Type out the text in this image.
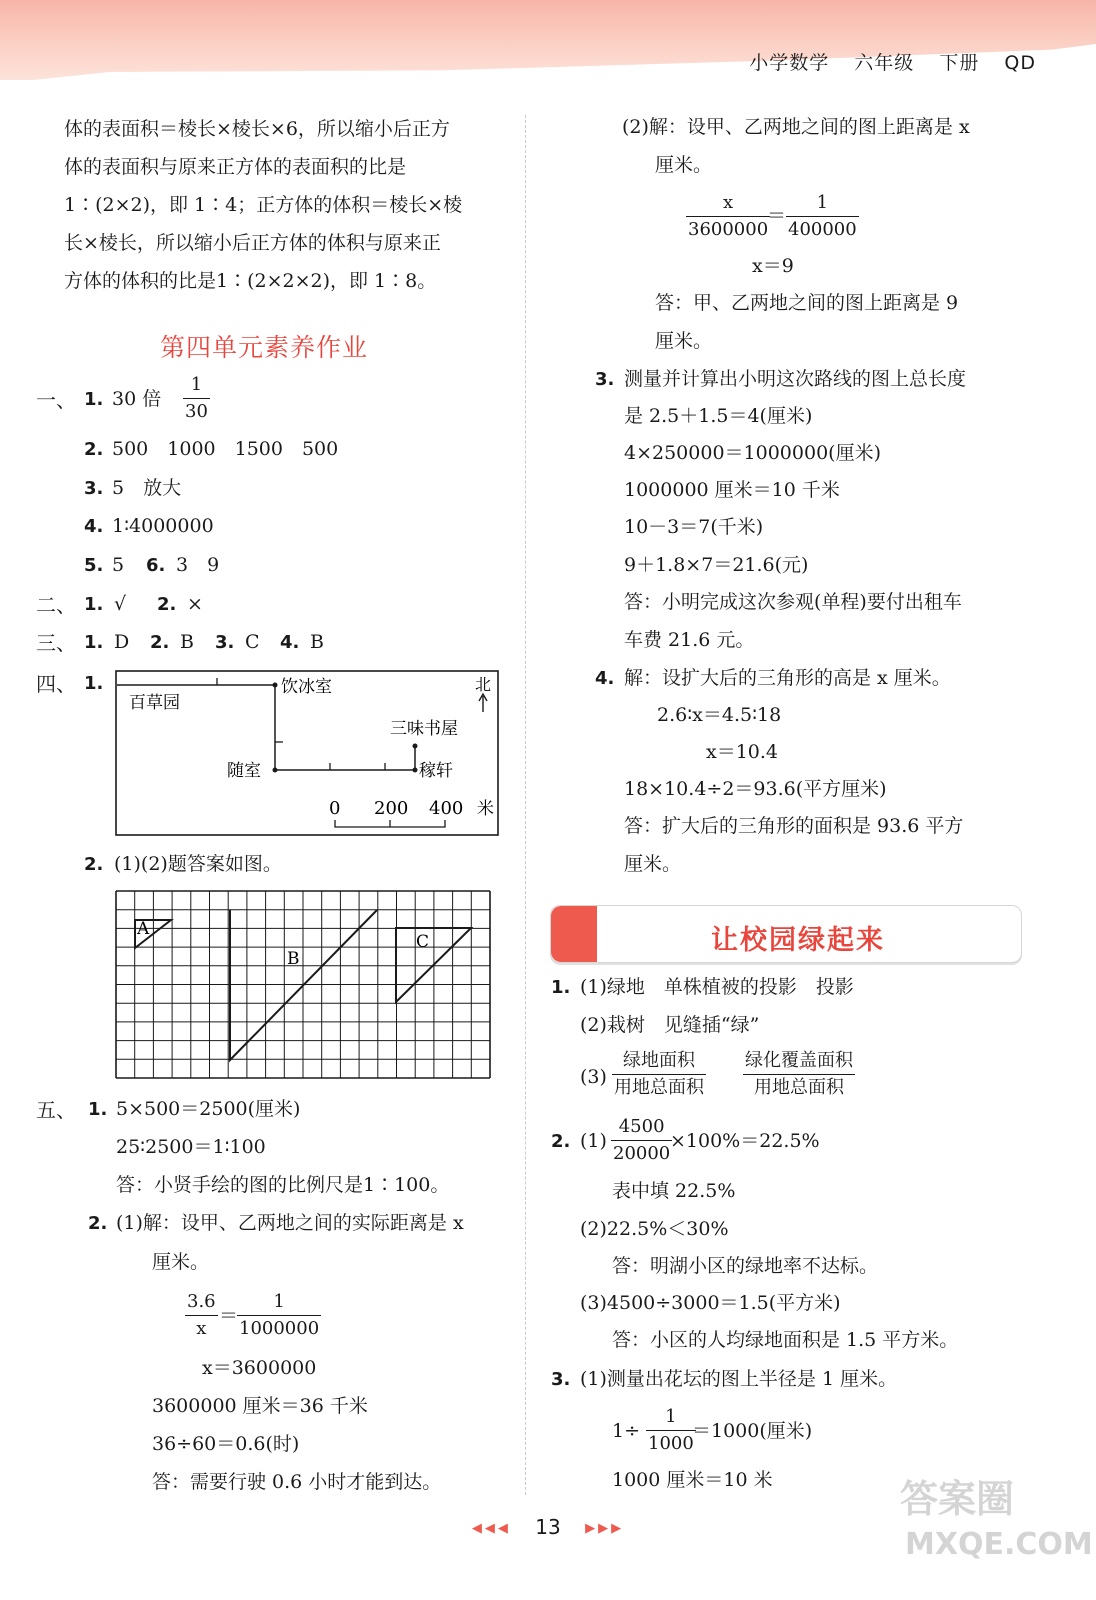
小学数学 六年级 下册 QD
体的表面积＝棱长×棱长×6，所以缩小后正方
体的表面积与原来正方体的表面积的比是
1∶(2×2)，即 1∶4；正方体的体积＝棱长×棱
长×棱长，所以缩小后正方体的体积与原来正
方体的体积的比是1∶(2×2×2)，即 1∶8。
第四单元素养作业
一、 1. 30 倍 $\frac{1}{30}$
2. 500　1000　1500　500
3. 5　放大
4. 1∶4000000
5. 5 6. 3　9
二、 1. √ 2. ×
三、 1. D 2. B 3. C 4. B
四、 1.
百草园
饮冰室	北
三味书屋
随室	稼轩
0 200 400 米
2. (1)(2)题答案如图。
A
B
C
五、 1. 5×500＝2500(厘米)
25∶2500＝1∶100
答：小贤手绘的图的比例尺是1∶100。
2. (1)解：设甲、乙两地之间的实际距离是 x
厘米。
$\frac{3.6}{x}$ ＝
$\frac{1}{1000000}$
x＝3600000
3600000 厘米＝36 千米
36÷60＝0.6(时)
答：需要行驶 0.6 小时才能到达。
(2)解：设甲、乙两地之间的图上距离是 x
厘米。
$\frac{x}{3600000}$
＝ $\frac{1}{400000}$
x＝9
答：甲、乙两地之间的图上距离是 9
厘米。
3. 测量并计算出小明这次路线的图上总长度
是 2.5＋1.5＝4(厘米)
4×250000＝1000000(厘米)
1000000 厘米＝10 千米
10－3＝7(千米)
9＋1.8×7＝21.6(元)
答：小明完成这次参观(单程)要付出租车
车费 21.6 元。
4. 解：设扩大后的三角形的高是 x 厘米。
2.6∶x＝4.5∶18
x＝10.4
18×10.4÷2＝93.6(平方厘米)
答：扩大后的三角形的面积是 93.6 平方
厘米。
让校园绿起来
1. (1)绿地　单株植被的投影　投影
(2)栽树　见缝插“绿”
(3)
绿地面积
用地总面积
绿化覆盖面积
用地总面积
2. $(1) \frac{4500}{20000}$
×100%＝22.5%
表中填 22.5%
(2)22.5%＜30%
答：明湖小区的绿地率不达标。
(3)4500÷3000＝1.5(平方米)
答：小区的人均绿地面积是 1.5 平方米。
3. (1)测量出花坛的图上半径是 1 厘米。
$1\div \frac{1}{1000}$
＝1000(厘米)
1000 厘米＝10 米
◀◀◀ 13 ▶▶▶
答案圈
MXQE.COM
